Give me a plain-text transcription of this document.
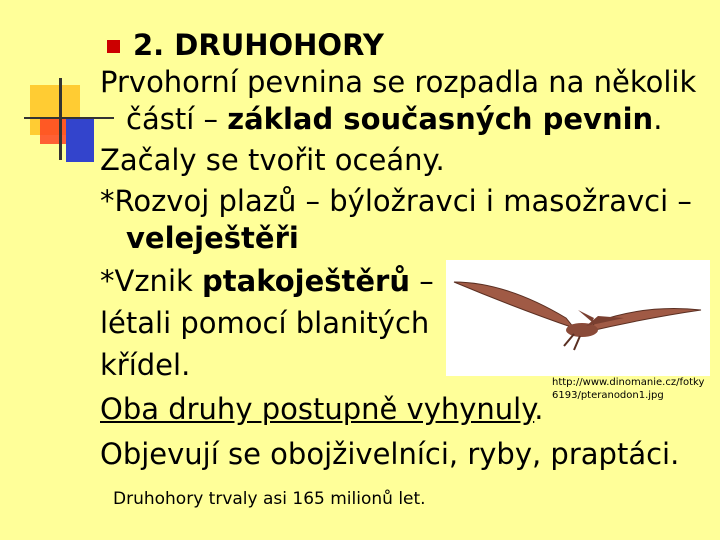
2. DRUHOHORY
Prvohorní pevnina se rozpadla na několik
částí – základ současných pevnin.
Začaly se tvořit oceány.
*Rozvoj plazů – býložravci i masožravci –
veleještěři
*Vznik ptakoještěrů –
létali pomocí blanitých
křídel.
Oba druhy postupně vyhynuly.
Objevují se obojživelníci, ryby, praptáci.
http://www.dinomanie.cz/fotky
6193/pteranodon1.jpg
Druhohory trvaly asi 165 milionů let.
